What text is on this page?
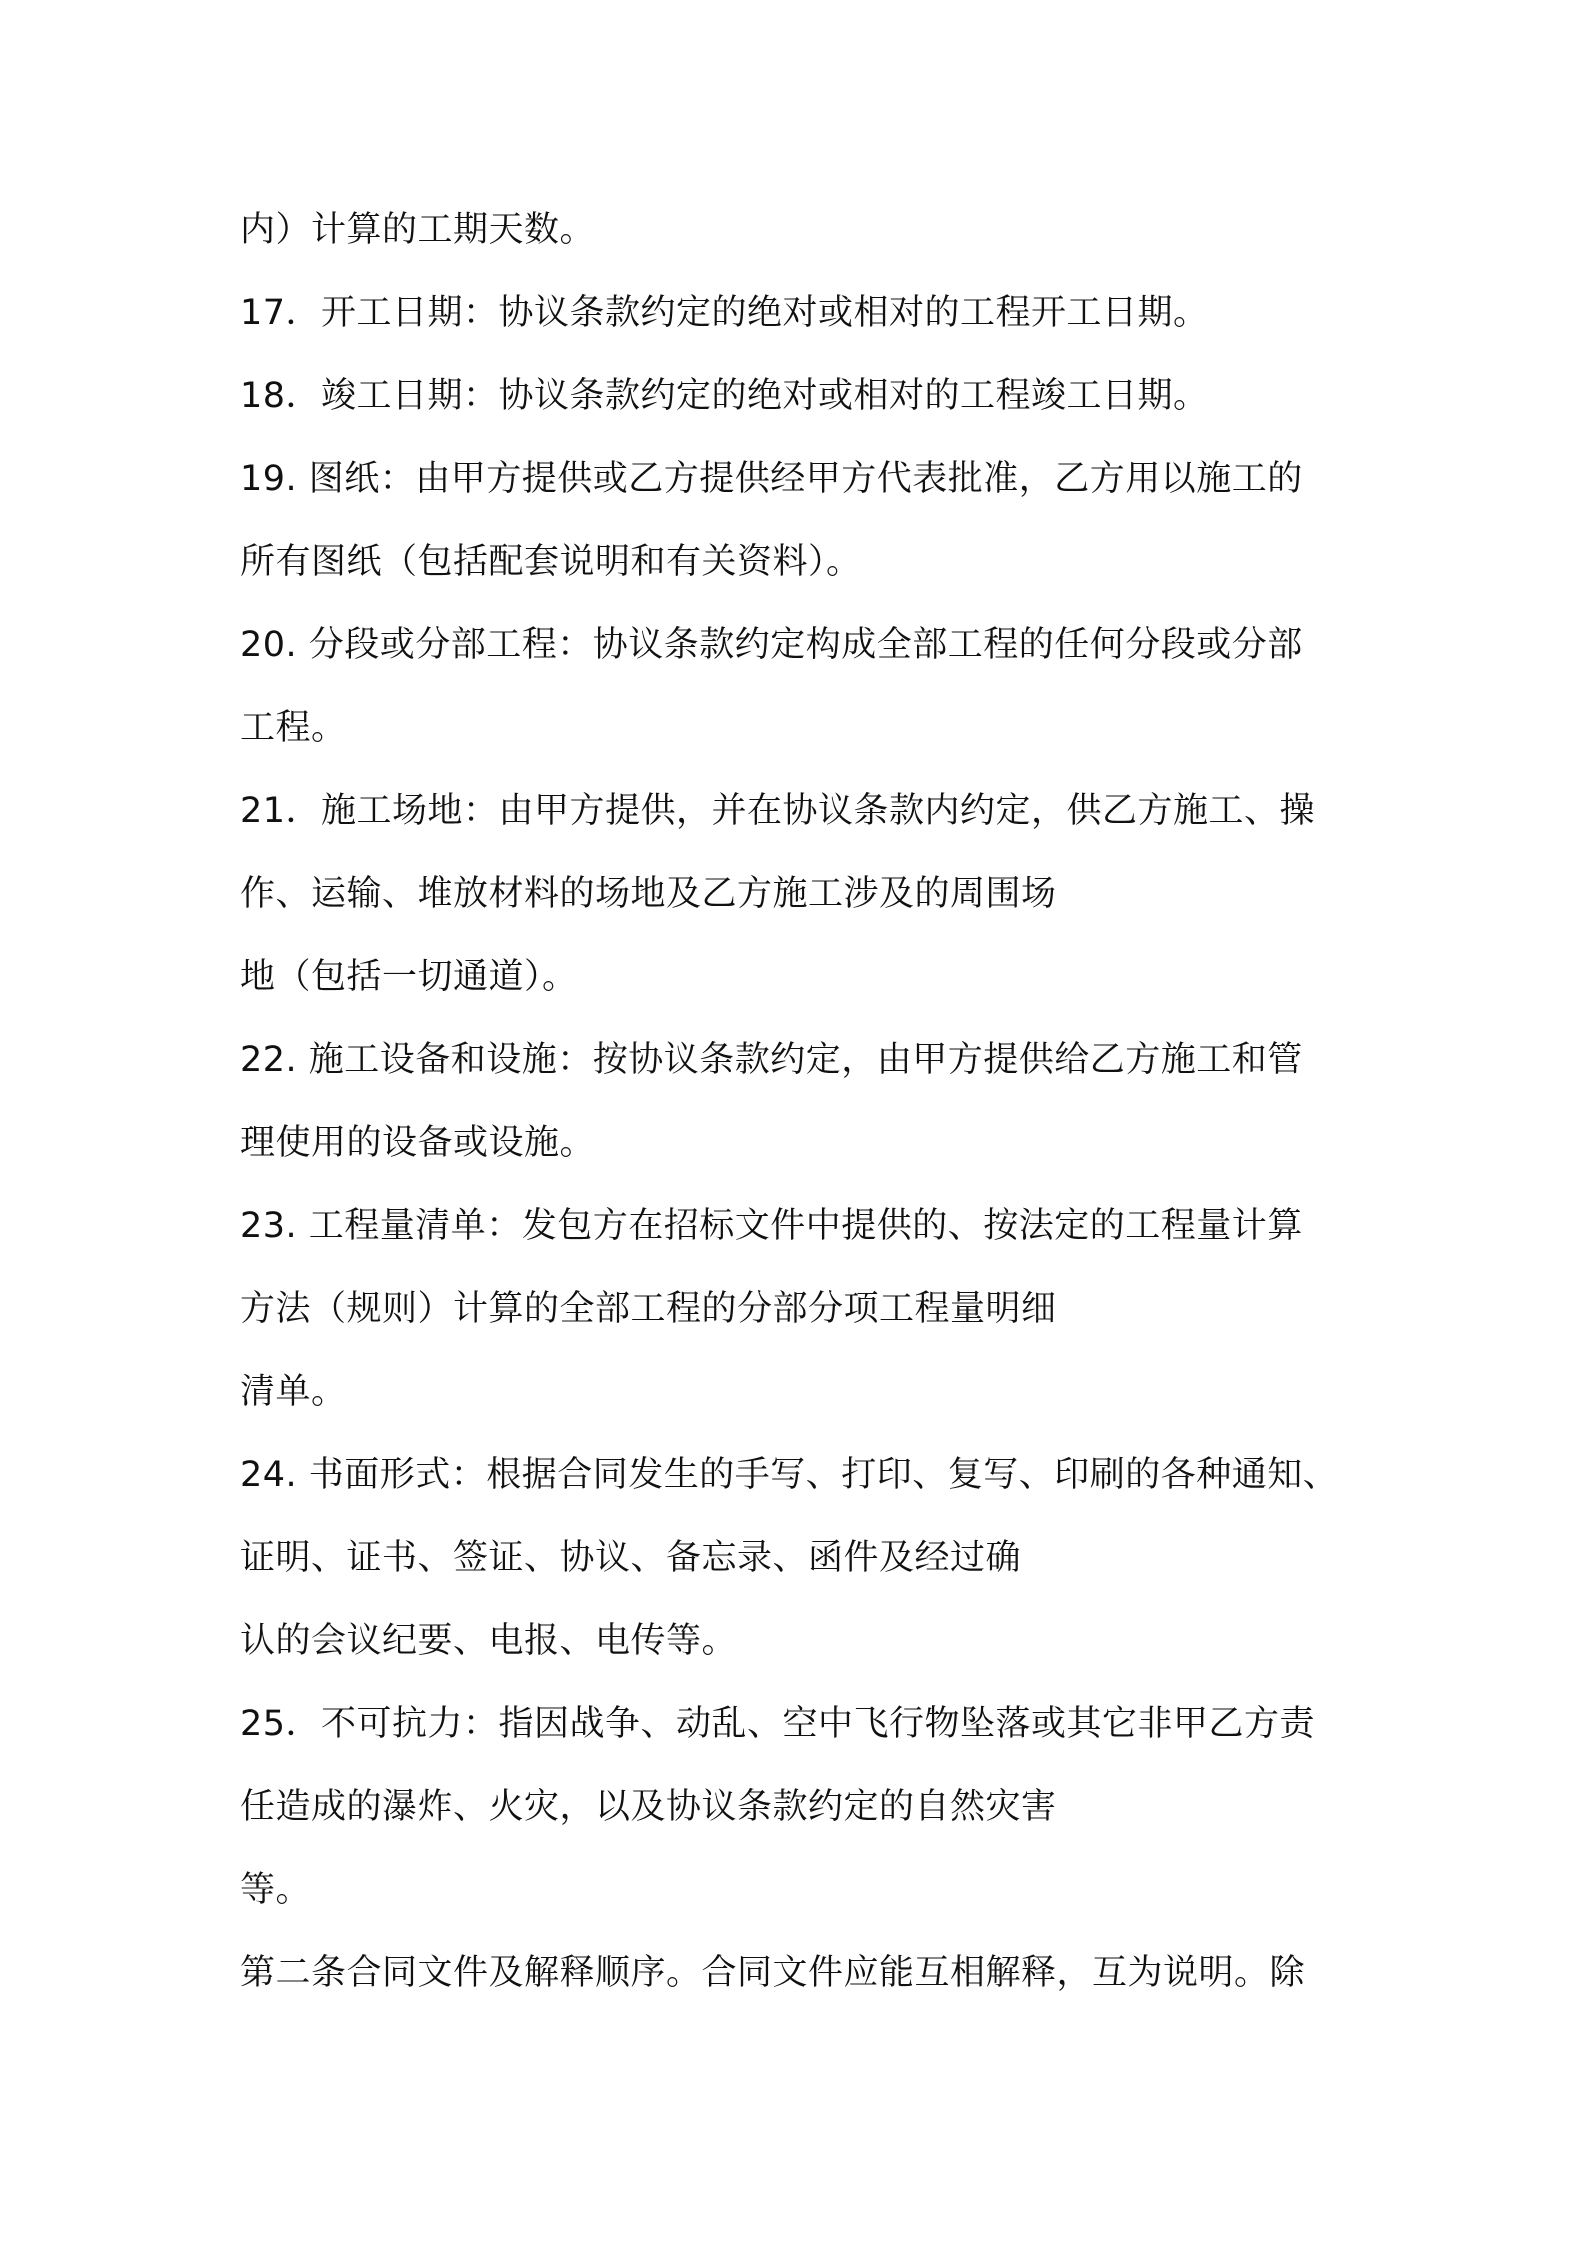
内）计算的工期天数。
17．开工日期：协议条款约定的绝对或相对的工程开工日期。
18．竣工日期：协议条款约定的绝对或相对的工程竣工日期。
19. 图纸：由甲方提供或乙方提供经甲方代表批准，乙方用以施工的
所有图纸（包括配套说明和有关资料）。
20. 分段或分部工程：协议条款约定构成全部工程的任何分段或分部
工程。
21．施工场地：由甲方提供，并在协议条款内约定，供乙方施工、操
作、运输、堆放材料的场地及乙方施工涉及的周围场
地（包括一切通道）。
22. 施工设备和设施：按协议条款约定，由甲方提供给乙方施工和管
理使用的设备或设施。
23. 工程量清单：发包方在招标文件中提供的、按法定的工程量计算
方法（规则）计算的全部工程的分部分项工程量明细
清单。
24. 书面形式：根据合同发生的手写、打印、复写、印刷的各种通知、
证明、证书、签证、协议、备忘录、函件及经过确
认的会议纪要、电报、电传等。
25．不可抗力：指因战争、动乱、空中飞行物坠落或其它非甲乙方责
任造成的瀑炸、火灾，以及协议条款约定的自然灾害
等。
第二条合同文件及解释顺序。合同文件应能互相解释，互为说明。除
